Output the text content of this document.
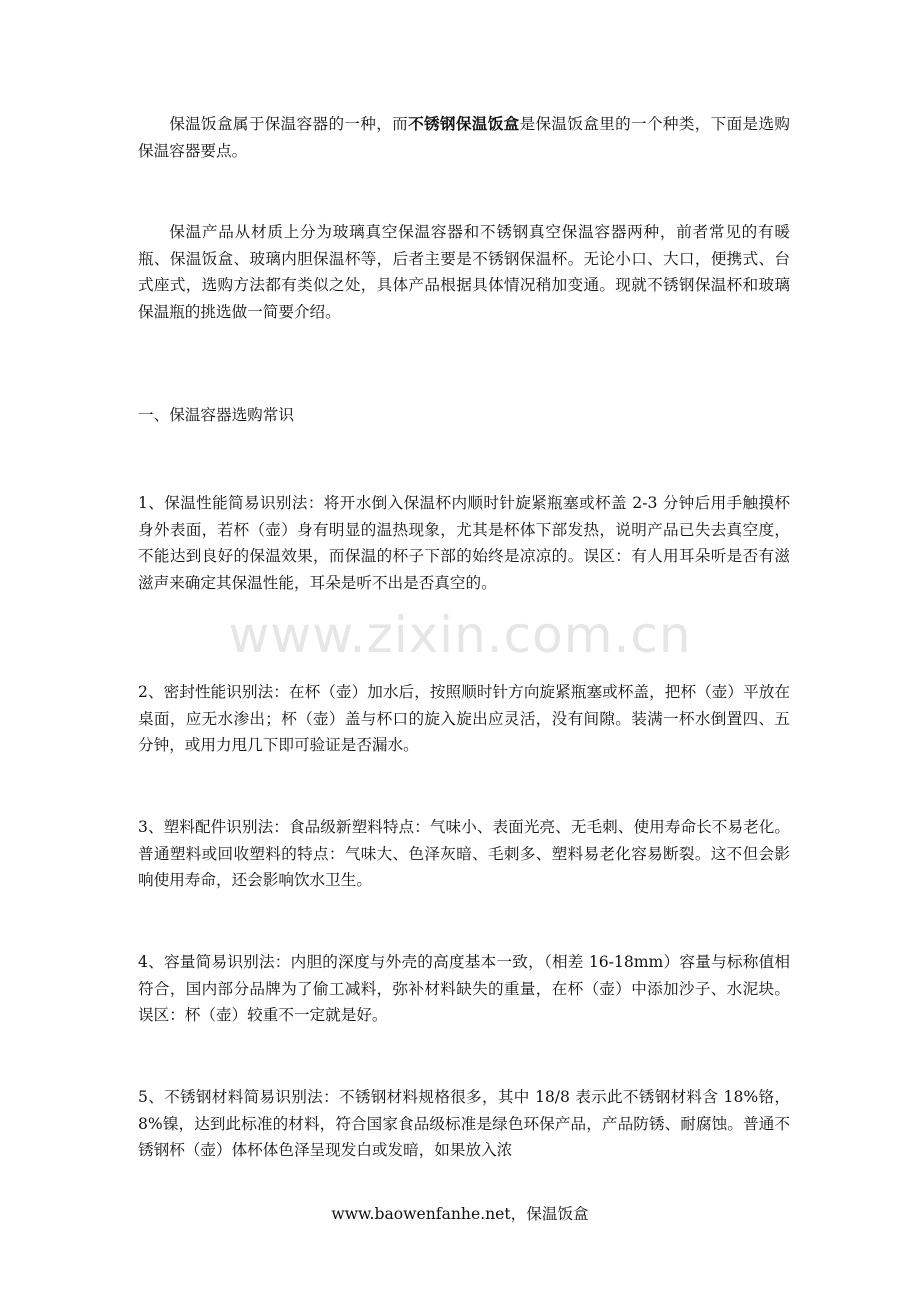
www.zixin.com.cn

保温饭盒属于保温容器的一种，而不锈钢保温饭盒是保温饭盒里的一个种类，下面是选购保温容器要点。

保温产品从材质上分为玻璃真空保温容器和不锈钢真空保温容器两种，前者常见的有暖瓶、保温饭盒、玻璃内胆保温杯等，后者主要是不锈钢保温杯。无论小口、大口，便携式、台式座式，选购方法都有类似之处，具体产品根据具体情况稍加变通。现就不锈钢保温杯和玻璃保温瓶的挑选做一简要介绍。

一、保温容器选购常识

1、保温性能简易识别法：将开水倒入保温杯内顺时针旋紧瓶塞或杯盖 2-3 分钟后用手触摸杯身外表面，若杯（壶）身有明显的温热现象，尤其是杯体下部发热，说明产品已失去真空度，不能达到良好的保温效果，而保温的杯子下部的始终是凉凉的。误区：有人用耳朵听是否有滋滋声来确定其保温性能，耳朵是听不出是否真空的。

2、密封性能识别法：在杯（壶）加水后，按照顺时针方向旋紧瓶塞或杯盖，把杯（壶）平放在桌面，应无水渗出；杯（壶）盖与杯口的旋入旋出应灵活，没有间隙。装满一杯水倒置四、五分钟，或用力甩几下即可验证是否漏水。

3、塑料配件识别法：食品级新塑料特点：气味小、表面光亮、无毛刺、使用寿命长不易老化。普通塑料或回收塑料的特点：气味大、色泽灰暗、毛刺多、塑料易老化容易断裂。这不但会影响使用寿命，还会影响饮水卫生。

4、容量简易识别法：内胆的深度与外壳的高度基本一致，（相差 16-18mm）容量与标称值相符合，国内部分品牌为了偷工减料，弥补材料缺失的重量，在杯（壶）中添加沙子、水泥块。误区：杯（壶）较重不一定就是好。

5、不锈钢材料简易识别法：不锈钢材料规格很多，其中 18/8 表示此不锈钢材料含 18%铬，8%镍，达到此标准的材料，符合国家食品级标准是绿色环保产品，产品防锈、耐腐蚀。普通不锈钢杯（壶）体杯体色泽呈现发白或发暗，如果放入浓

www.baowenfanhe.net，保温饭盒
